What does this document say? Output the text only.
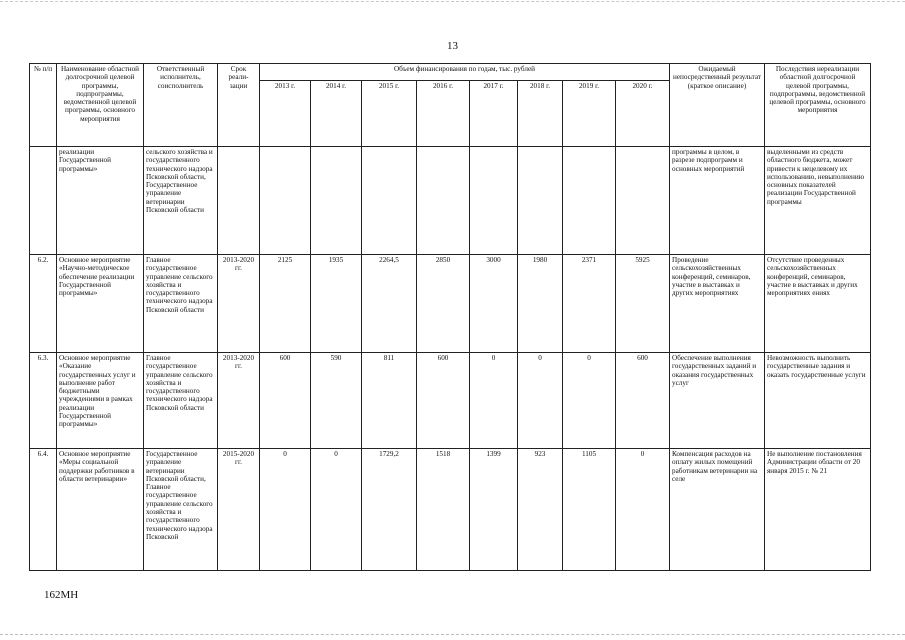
13
№ п/п	Наименование областной долгосрочной целевой программы, подпрограммы, ведомственной целевой программы, основного мероприятия	Ответственный исполнитель, соисполнитель	Срок реали-зации	Объем финансирования по годам, тыс. рублей								Ожидаемый непосредственный результат (краткое описание)	Последствия нереализации областной долгосрочной целевой программы, подпрограммы, ведомственной целевой программы, основного мероприятия
				2013 г.	2014 г.	2015 г.	2016 г.	2017 г.	2018 г.	2019 г.	2020 г.		
	реализации Государственной программы»	сельского хозяйства и государственного технического надзора Псковской области, Государственное управление ветеринарии Псковской области										программы в целом, в разрезе подпрограмм и основных мероприятий	выделенными из средств областного бюджета, может привести к нецелевому их использованию, невыполнению основных показателей реализации Государственной программы
6.2.	Основное мероприятие «Научно-методическое обеспечение реализации Государственной программы»	Главное государственное управление сельского хозяйства и государственного технического надзора Псковской области	2013-2020 гг.	2125	1935	2264,5	2850	3000	1980	2371	5925	Проведение сельскохозяйственных конференций, семинаров, участие в выставках и других мероприятиях	Отсутствие проведенных сельскохозяйственных конференций, семинаров, участие в выставках и других мероприятиях ениях
6.3.	Основное мероприятие «Оказание государственных услуг и выполнение работ бюджетными учреждениями в рамках реализации Государственной программы»	Главное государственное управление сельского хозяйства и государственного технического надзора Псковской области	2013-2020 гг.	600	590	811	600	0	0	0	600	Обеспечение выполнения государственных заданий и оказания государственных услуг	Невозможность выполнить государственные задания и оказать государственные услуги
6.4.	Основное мероприятие «Меры социальной поддержки работников в области ветеринарии»	Государственное управление ветеринарии Псковской области, Главное государственное управление сельского хозяйства и государственного технического надзора Псковской	2015-2020 гг.	0	0	1729,2	1518	1399	923	1105	0	Компенсация расходов на оплату жилых помещений работникам ветеринарии на селе	Не выполнение постановления Администрации области от 20 января 2015 г. № 21
162МН
